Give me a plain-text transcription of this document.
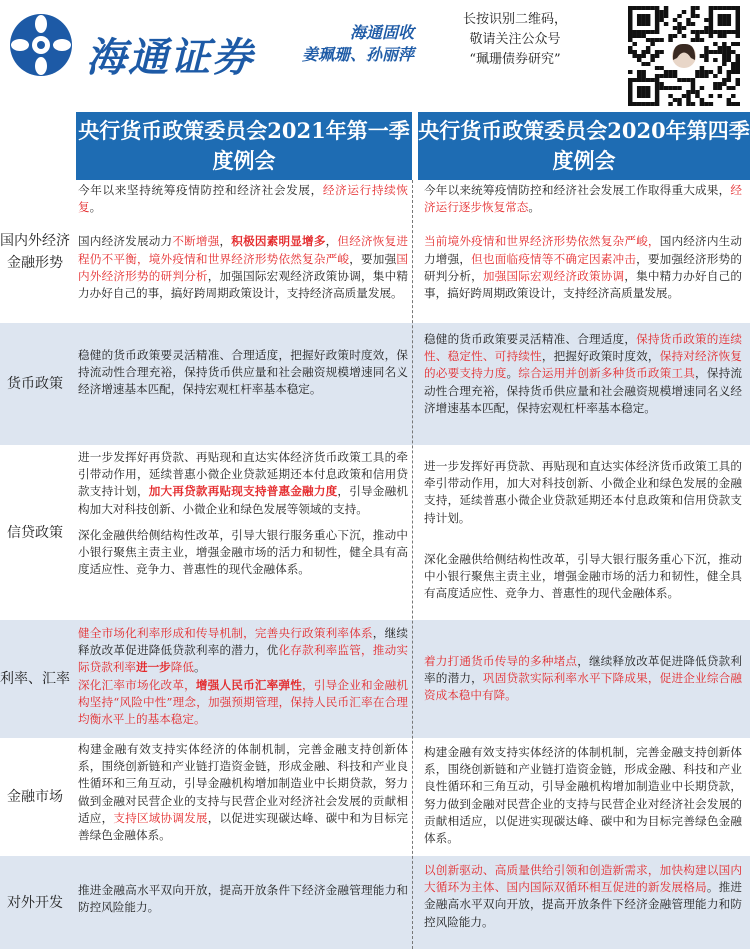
海通证券
海通固收
姜珮珊、孙丽萍
长按识别二维码，
敬请关注公众号
“珮珊债券研究”
央行货币政策委员会2021年第一季度例会
央行货币政策委员会2020年第四季度例会
国内外经济金融形势

今年以来坚持统筹疫情防控和经济社会发展，经济运行持续恢复。

国内经济发展动力不断增强，积极因素明显增多，但经济恢复进程仍不平衡，境外疫情和世界经济形势依然复杂严峻，要加强国内外经济形势的研判分析，加强国际宏观经济政策协调，集中精力办好自己的事，搞好跨周期政策设计，支持经济高质量发展。

今年以来统筹疫情防控和经济社会发展工作取得重大成果，经济运行逐步恢复常态。

当前境外疫情和世界经济形势依然复杂严峻，国内经济内生动力增强，但也面临疫情等不确定因素冲击，要加强经济形势的研判分析，加强国际宏观经济政策协调，集中精力办好自己的事，搞好跨周期政策设计，支持经济高质量发展。

货币政策

稳健的货币政策要灵活精准、合理适度，把握好政策时度效，保持流动性合理充裕，保持货币供应量和社会融资规模增速同名义经济增速基本匹配，保持宏观杠杆率基本稳定。

稳健的货币政策要灵活精准、合理适度，保持货币政策的连续性、稳定性、可持续性，把握好政策时度效，保持对经济恢复的必要支持力度。综合运用并创新多种货币政策工具，保持流动性合理充裕，保持货币供应量和社会融资规模增速同名义经济增速基本匹配，保持宏观杠杆率基本稳定。

信贷政策

进一步发挥好再贷款、再贴现和直达实体经济货币政策工具的牵引带动作用，延续普惠小微企业贷款延期还本付息政策和信用贷款支持计划，加大再贷款再贴现支持普惠金融力度，引导金融机构加大对科技创新、小微企业和绿色发展等领域的支持。

深化金融供给侧结构性改革，引导大银行服务重心下沉，推动中小银行聚焦主责主业，增强金融市场的活力和韧性，健全具有高度适应性、竞争力、普惠性的现代金融体系。

进一步发挥好再贷款、再贴现和直达实体经济货币政策工具的牵引带动作用，加大对科技创新、小微企业和绿色发展的金融支持，延续普惠小微企业贷款延期还本付息政策和信用贷款支持计划。

深化金融供给侧结构性改革，引导大银行服务重心下沉，推动中小银行聚焦主责主业，增强金融市场的活力和韧性，健全具有高度适应性、竞争力、普惠性的现代金融体系。

利率、汇率

健全市场化利率形成和传导机制，完善央行政策利率体系，继续释放改革促进降低贷款利率的潜力，优化存款利率监管，推动实际贷款利率进一步降低。

深化汇率市场化改革，增强人民币汇率弹性，引导企业和金融机构坚持“风险中性”理念，加强预期管理，保持人民币汇率在合理均衡水平上的基本稳定。

着力打通货币传导的多种堵点，继续释放改革促进降低贷款利率的潜力，巩固贷款实际利率水平下降成果，促进企业综合融资成本稳中有降。

金融市场

构建金融有效支持实体经济的体制机制，完善金融支持创新体系，围绕创新链和产业链打造资金链，形成金融、科技和产业良性循环和三角互动，引导金融机构增加制造业中长期贷款，努力做到金融对民营企业的支持与民营企业对经济社会发展的贡献相适应，支持区域协调发展，以促进实现碳达峰、碳中和为目标完善绿色金融体系。

构建金融有效支持实体经济的体制机制，完善金融支持创新体系，围绕创新链和产业链打造资金链，形成金融、科技和产业良性循环和三角互动，引导金融机构增加制造业中长期贷款，努力做到金融对民营企业的支持与民营企业对经济社会发展的贡献相适应，以促进实现碳达峰、碳中和为目标完善绿色金融体系。

对外开发

推进金融高水平双向开放，提高开放条件下经济金融管理能力和防控风险能力。

以创新驱动、高质量供给引领和创造新需求，加快构建以国内大循环为主体、国内国际双循环相互促进的新发展格局。推进金融高水平双向开放，提高开放条件下经济金融管理能力和防控风险能力。
